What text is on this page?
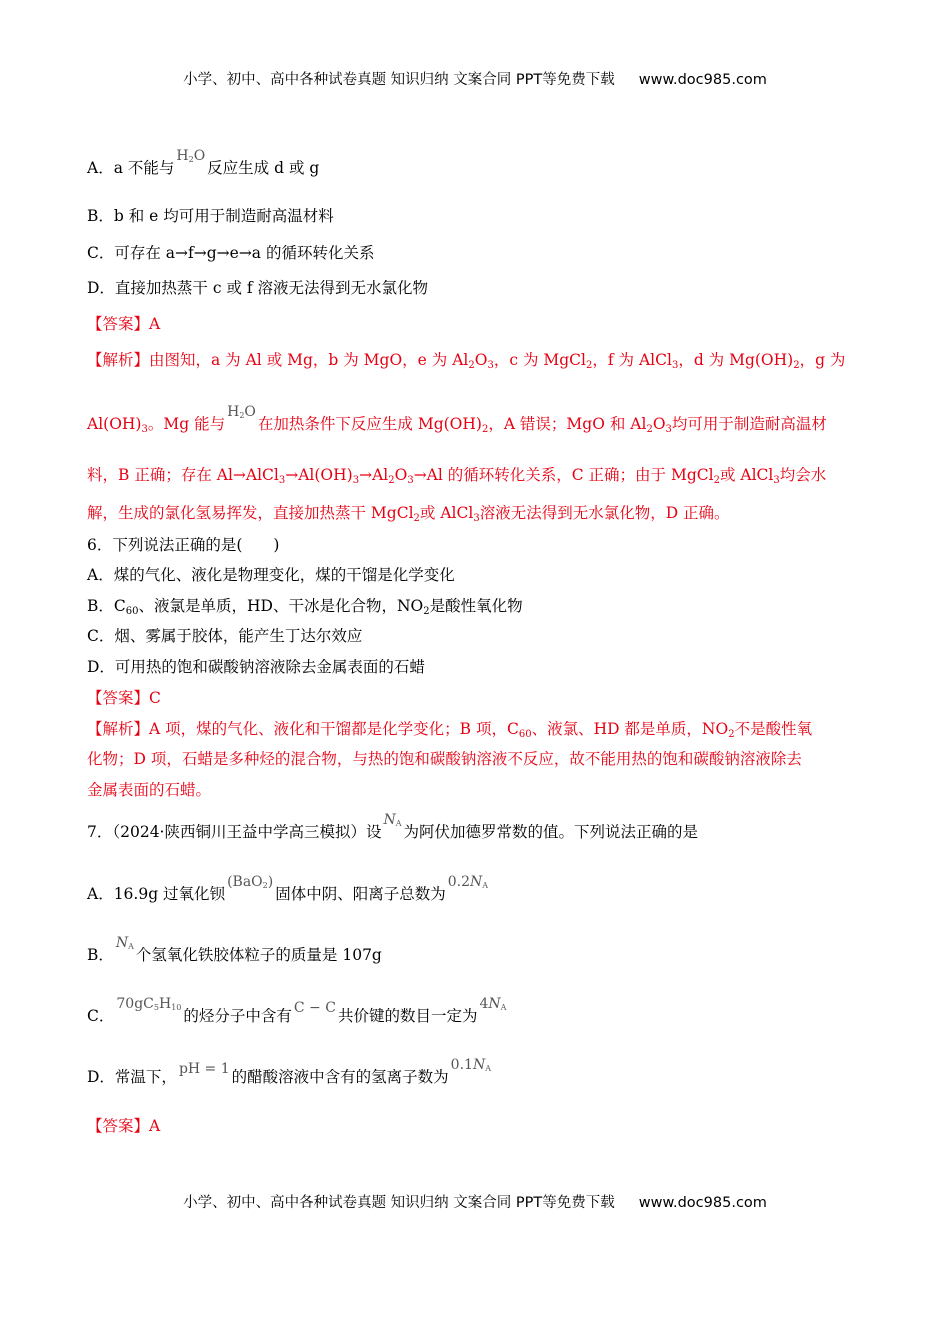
小学、初中、高中各种试卷真题 知识归纳 文案合同 PPT等免费下载 www.doc985.com
A．a 不能与$H_2O$反应生成 d 或 g
B．b 和 e 均可用于制造耐高温材料
C．可存在 a→f→g→e→a 的循环转化关系
D．直接加热蒸干 c 或 f 溶液无法得到无水氯化物
【答案】A
【解析】由图知，a 为 Al 或 Mg，b 为 MgO，e 为 $Al_2O_3$，c 为 MgCl$_2$，f 为 AlCl$_3$，d 为 $Mg(OH)_2$，g 为
$Al(OH)_3$。Mg 能与$H_2O$在加热条件下反应生成 $Mg(OH)_2$，A 错误；MgO 和 $Al_2O_3$均可用于制造耐高温材
料，B 正确；存在 $Al\to AlCl_3\to Al(OH)_3\to Al_2O_3\to Al$ 的循环转化关系，C 正确；由于 MgCl$_2$或 AlCl$_3$均会水
解，生成的氯化氢易挥发，直接加热蒸干 MgCl$_2$或 AlCl$_3$溶液无法得到无水氯化物，D 正确。
6．下列说法正确的是(　　)
A．煤的气化、液化是物理变化，煤的干馏是化学变化
B．$C_{60}$、液氯是单质，HD、干冰是化合物，$NO_2$是酸性氧化物
C．烟、雾属于胶体，能产生丁达尔效应
D．可用热的饱和碳酸钠溶液除去金属表面的石蜡
【答案】C
【解析】A 项，煤的气化、液化和干馏都是化学变化；B 项，$C_{60}$、液氯、HD 都是单质，$NO_2$不是酸性氧
化物；D 项，石蜡是多种烃的混合物，与热的饱和碳酸钠溶液不反应，故不能用热的饱和碳酸钠溶液除去
金属表面的石蜡。
7．（2024·陕西铜川王益中学高三模拟）设$N_A$ 为阿伏加德罗常数的值。下列说法正确的是
A．16.9g 过氧化钡(BaO$_2$)固体中阴、阳离子总数为$0.2N_A$
B．$N_A$ 个氢氧化铁胶体粒子的质量是 107g
C．$70gC_5H_{10}$ 的烃分子中含有 C − C 共价键的数目一定为$4N_A$
D．常温下， pH = 1 的醋酸溶液中含有的氢离子数为$0.1N_A$
【答案】A
小学、初中、高中各种试卷真题 知识归纳 文案合同 PPT等免费下载 www.doc985.com
